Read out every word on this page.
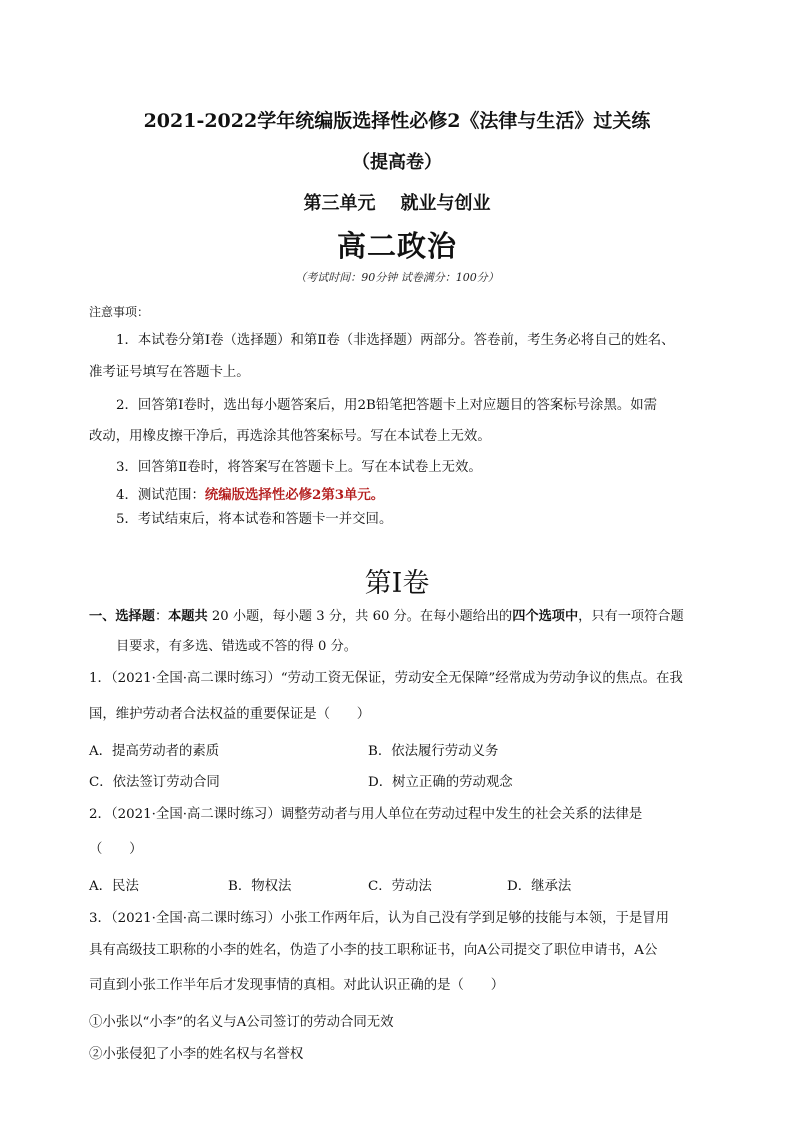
2021-2022学年统编版选择性必修2《法律与生活》过关练
（提高卷）
第三单元    就业与创业
高二政治
（考试时间：90分钟 试卷满分：100分）
注意事项：
1．本试卷分第Ⅰ卷（选择题）和第Ⅱ卷（非选择题）两部分。答卷前，考生务必将自己的姓名、
准考证号填写在答题卡上。
2．回答第Ⅰ卷时，选出每小题答案后，用2B铅笔把答题卡上对应题目的答案标号涂黑。如需
改动，用橡皮擦干净后，再选涂其他答案标号。写在本试卷上无效。
3．回答第Ⅱ卷时，将答案写在答题卡上。写在本试卷上无效。
4．测试范围：统编版选择性必修2第3单元。
5．考试结束后，将本试卷和答题卡一并交回。
第Ⅰ卷
一、选择题：本题共 20 小题，每小题 3 分，共 60 分。在每小题给出的四个选项中，只有一项符合题
目要求，有多选、错选或不答的得 0 分。
1．（2021·全国·高二课时练习）“劳动工资无保证，劳动安全无保障”经常成为劳动争议的焦点。在我
国，维护劳动者合法权益的重要保证是（　　）
A．提高劳动者的素质	B．依法履行劳动义务
C．依法签订劳动合同	D．树立正确的劳动观念
2．（2021·全国·高二课时练习）调整劳动者与用人单位在劳动过程中发生的社会关系的法律是
（　　）
A．民法	B．物权法	C．劳动法	D．继承法
3．（2021·全国·高二课时练习）小张工作两年后，认为自己没有学到足够的技能与本领，于是冒用
具有高级技工职称的小李的姓名，伪造了小李的技工职称证书，向A公司提交了职位申请书，A公
司直到小张工作半年后才发现事情的真相。对此认识正确的是（　　）
①小张以“小李”的名义与A公司签订的劳动合同无效
②小张侵犯了小李的姓名权与名誉权
